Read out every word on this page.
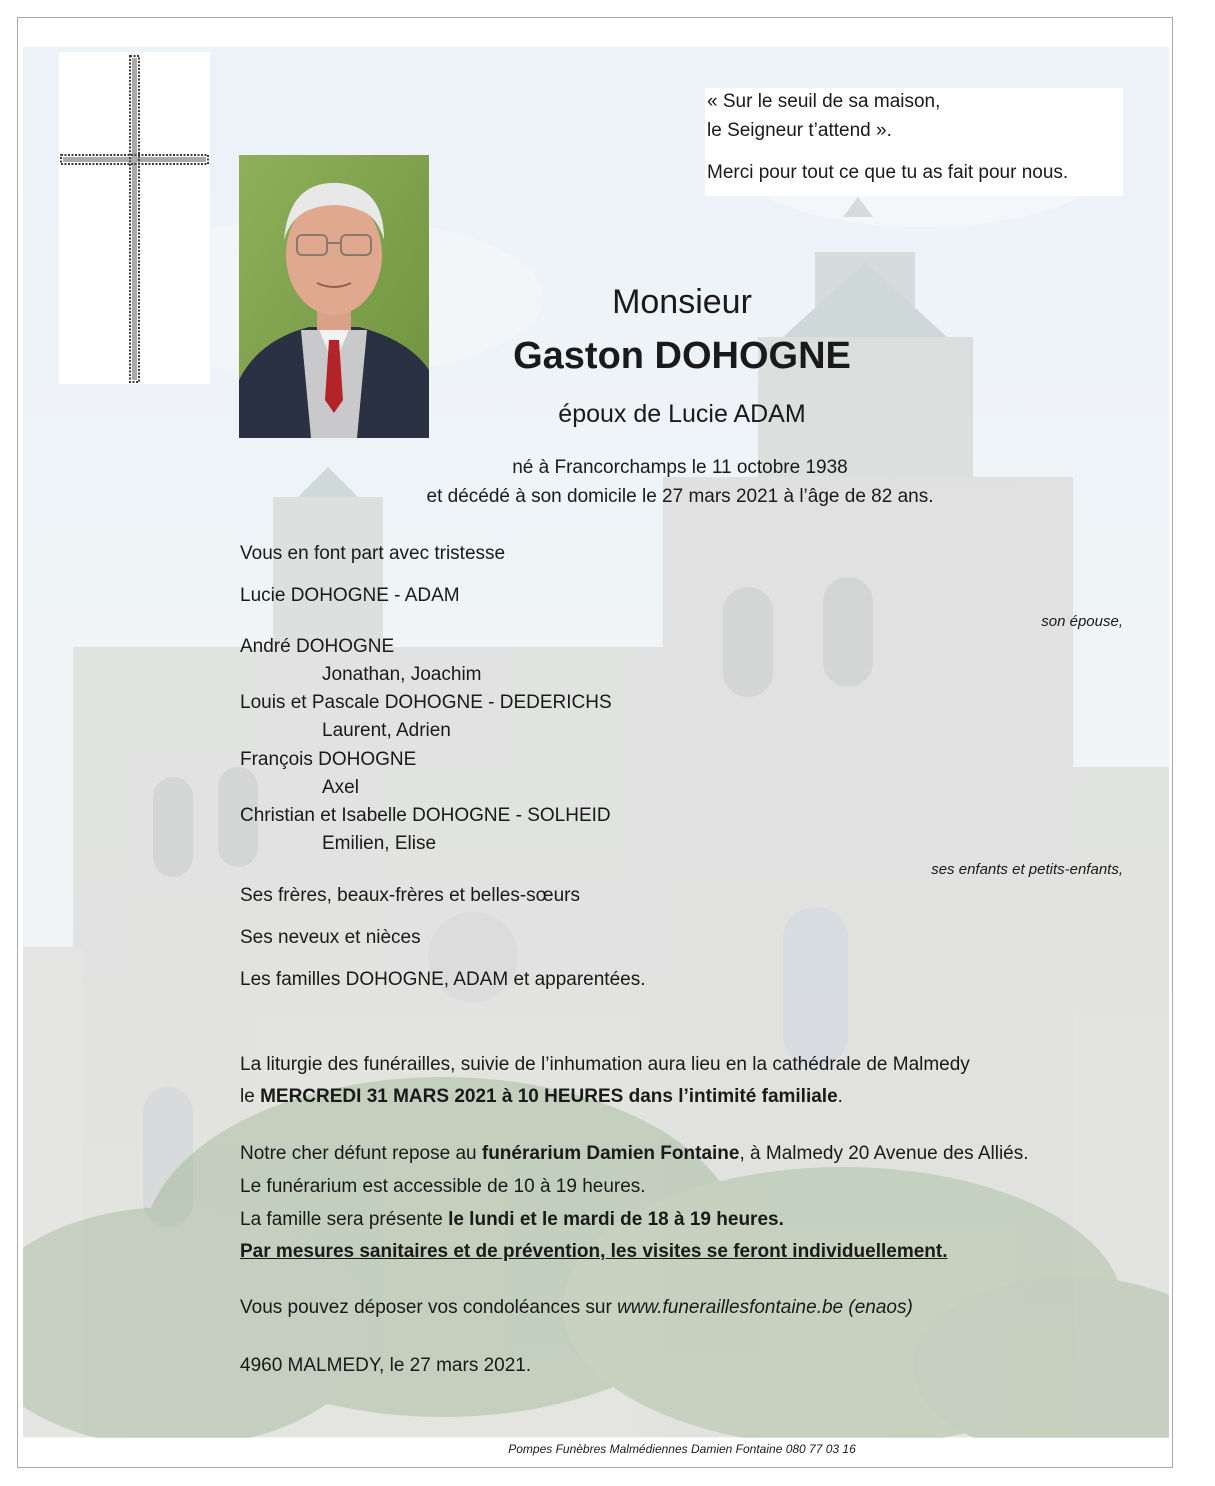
« Sur le seuil de sa maison,
le Seigneur t’attend ».
Merci pour tout ce que tu as fait pour nous.
Monsieur
Gaston DOHOGNE
époux de Lucie ADAM
né à Francorchamps le 11 octobre 1938
et décédé à son domicile le 27 mars 2021 à l’âge de 82 ans.
Vous en font part avec tristesse
Lucie DOHOGNE - ADAM
son épouse,
André DOHOGNE
Jonathan, Joachim
Louis et Pascale DOHOGNE - DEDERICHS
Laurent, Adrien
François DOHOGNE
Axel
Christian et Isabelle DOHOGNE - SOLHEID
Emilien, Elise
ses enfants et petits-enfants,
Ses frères, beaux-frères et belles-sœurs
Ses neveux et nièces
Les familles DOHOGNE, ADAM et apparentées.
La liturgie des funérailles, suivie de l’inhumation aura lieu en la cathédrale de Malmedy
le MERCREDI 31 MARS 2021 à 10 HEURES dans l’intimité familiale.
Notre cher défunt repose au funérarium Damien Fontaine, à Malmedy 20 Avenue des Alliés.
Le funérarium est accessible de 10 à 19 heures.
La famille sera présente le lundi et le mardi de 18 à 19 heures.
Par mesures sanitaires et de prévention, les visites se feront individuellement.
Vous pouvez déposer vos condoléances sur www.funeraillesfontaine.be (enaos)
4960 MALMEDY, le 27 mars 2021.
Pompes Funèbres Malmédiennes Damien Fontaine 080 77 03 16
